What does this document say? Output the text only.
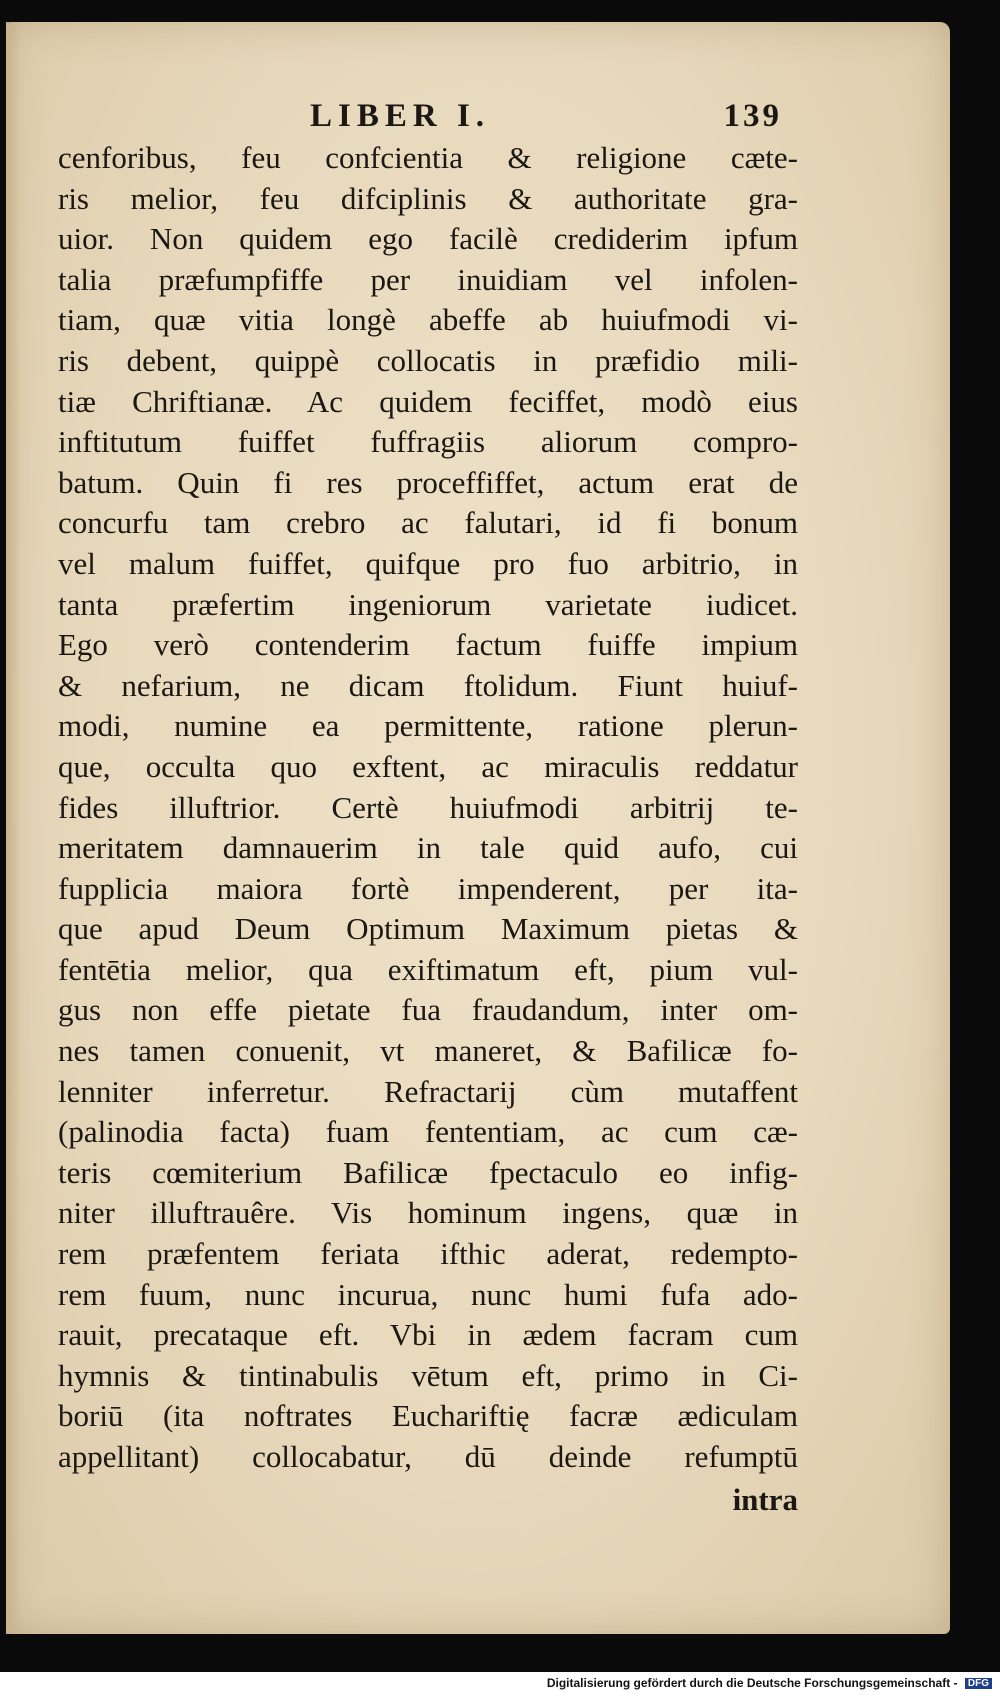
LIBER I.	139
cenforibus, feu confcientia & religione cæte-
ris melior, feu difciplinis & authoritate gra-
uior. Non quidem ego facilè crediderim ipfum
talia præfumpfiffe per inuidiam vel infolen-
tiam, quæ vitia longè abeffe ab huiufmodi vi-
ris debent, quippè collocatis in præfidio mili-
tiæ Chriftianæ. Ac quidem feciffet, modò eius
inftitutum fuiffet fuffragiis aliorum compro-
batum. Quin fi res proceffiffet, actum erat de
concurfu tam crebro ac falutari, id fi bonum
vel malum fuiffet, quifque pro fuo arbitrio, in
tanta præfertim ingeniorum varietate iudicet.
Ego verò contenderim factum fuiffe impium
& nefarium, ne dicam ftolidum. Fiunt huiuf-
modi, numine ea permittente, ratione plerun-
que, occulta quo exftent, ac miraculis reddatur
fides illuftrior. Certè huiufmodi arbitrij te-
meritatem damnauerim in tale quid aufo, cui
fupplicia maiora fortè impenderent, per ita-
que apud Deum Optimum Maximum pietas &
fentētia melior, qua exiftimatum eft, pium vul-
gus non effe pietate fua fraudandum, inter om-
nes tamen conuenit, vt maneret, & Bafilicæ fo-
lenniter inferretur. Refractarij cùm mutaffent
(palinodia facta) fuam fententiam, ac cum cæ-
teris cœmiterium Bafilicæ fpectaculo eo infig-
niter illuftrauêre. Vis hominum ingens, quæ in
rem præfentem feriata ifthic aderat, redempto-
rem fuum, nunc incurua, nunc humi fufa ado-
rauit, precataque eft. Vbi in ædem facram cum
hymnis & tintinabulis vētum eft, primo in Ci-
boriū (ita noftrates Euchariftię facræ ædiculam
appellitant) collocabatur, dū deinde refumptū
intra
Digitalisierung gefördert durch die Deutsche Forschungsgemeinschaft - DFG
